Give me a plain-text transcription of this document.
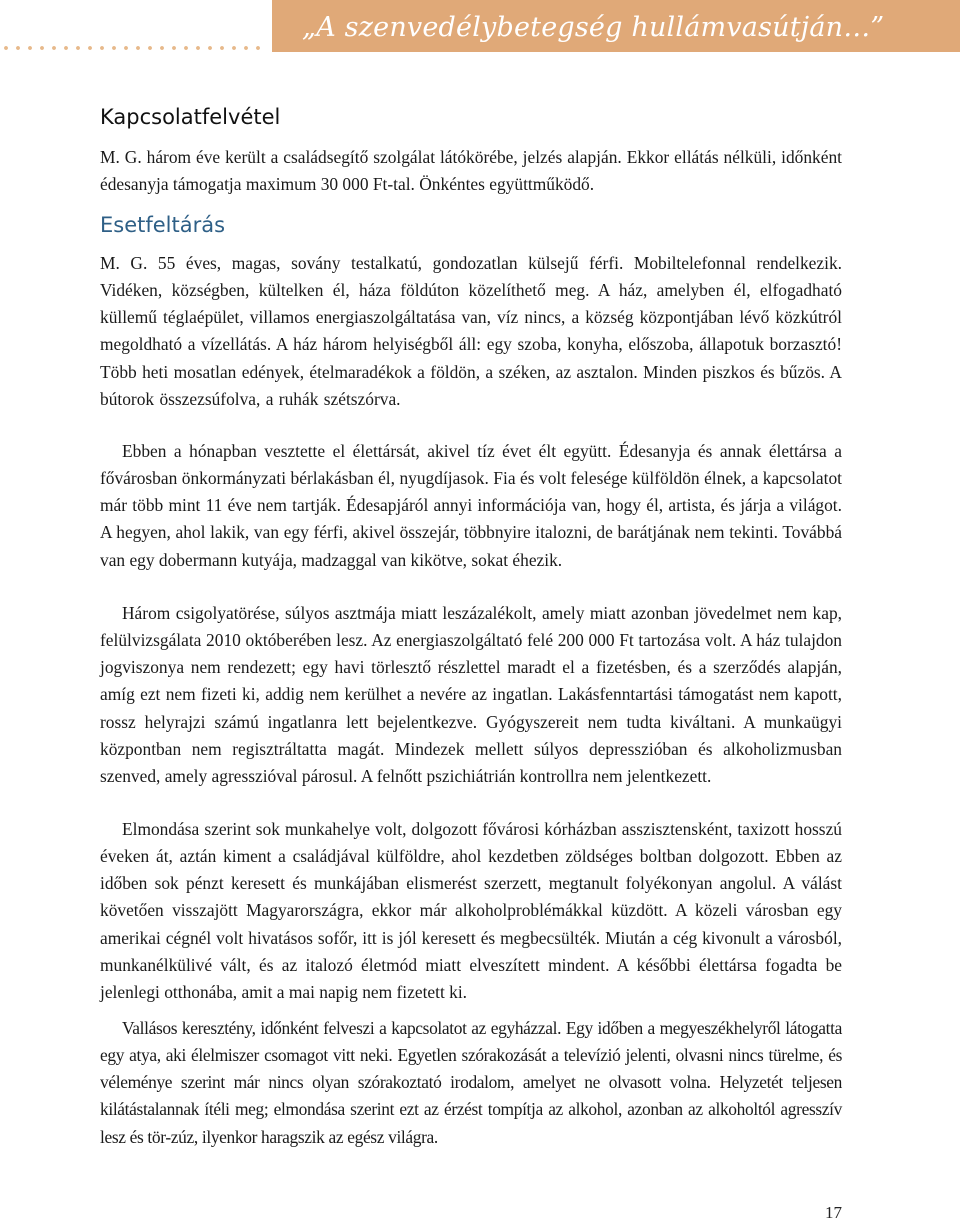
„A szenvedélybetegség hullámvasútján…”
Kapcsolatfelvétel

M. G. három éve került a családsegítő szolgálat látókörébe, jelzés alapján. Ekkor ellátás nélküli, időnként édesanyja támogatja maximum 30 000 Ft-tal. Önkéntes együttműködő.

Esetfeltárás

M. G. 55 éves, magas, sovány testalkatú, gondozatlan külsejű férfi. Mobiltelefonnal rendelkezik. Vidéken, községben, kültelken él, háza földúton közelíthető meg. A ház, amelyben él, elfogadható küllemű téglaépület, villamos energiaszolgáltatása van, víz nincs, a község központjában lévő közkútról megoldható a vízellátás. A ház három helyiségből áll: egy szoba, konyha, előszoba, állapotuk borzasztó! Több heti mosatlan edények, ételmaradékok a földön, a széken, az asztalon. Minden piszkos és bűzös. A bútorok összezsúfolva, a ruhák szétszórva.

Ebben a hónapban vesztette el élettársát, akivel tíz évet élt együtt. Édesanyja és annak élettársa a fővárosban önkormányzati bérlakásban él, nyugdíjasok. Fia és volt felesége külföldön élnek, a kapcsolatot már több mint 11 éve nem tartják. Édesapjáról annyi információja van, hogy él, artista, és járja a világot. A hegyen, ahol lakik, van egy férfi, akivel összejár, többnyire italozni, de barátjának nem tekinti. Továbbá van egy dobermann kutyája, madzaggal van kikötve, sokat éhezik.

Három csigolyatörése, súlyos asztmája miatt leszázalékolt, amely miatt azonban jövedelmet nem kap, felülvizsgálata 2010 októberében lesz. Az energiaszolgáltató felé 200 000 Ft tartozása volt. A ház tulajdon jogviszonya nem rendezett; egy havi törlesztő részlettel maradt el a fizetésben, és a szerződés alapján, amíg ezt nem fizeti ki, addig nem kerülhet a nevére az ingatlan. Lakásfenntartási támogatást nem kapott, rossz helyrajzi számú ingatlanra lett bejelentkezve. Gyógyszereit nem tudta kiváltani. A munkaügyi központban nem regisztráltatta magát. Mindezek mellett súlyos depresszióban és alkoholizmusban szenved, amely agresszióval párosul. A felnőtt pszichiátrián kontrollra nem jelentkezett.

Elmondása szerint sok munkahelye volt, dolgozott fővárosi kórházban asszisztensként, taxizott hosszú éveken át, aztán kiment a családjával külföldre, ahol kezdetben zöldséges boltban dolgozott. Ebben az időben sok pénzt keresett és munkájában elismerést szerzett, megtanult folyékonyan angolul. A válást követően visszajött Magyarországra, ekkor már alkoholproblémákkal küzdött. A közeli városban egy amerikai cégnél volt hivatásos sofőr, itt is jól keresett és megbecsülték. Miután a cég kivonult a városból, munkanélkülivé vált, és az italozó életmód miatt elveszített mindent. A későbbi élettársa fogadta be jelenlegi otthonába, amit a mai napig nem fizetett ki.

Vallásos keresztény, időnként felveszi a kapcsolatot az egyházzal. Egy időben a megyeszékhelyről látogatta egy atya, aki élelmiszer csomagot vitt neki. Egyetlen szórakozását a televízió jelenti, olvasni nincs türelme, és véleménye szerint már nincs olyan szórakoztató irodalom, amelyet ne olvasott volna. Helyzetét teljesen kilátástalannak ítéli meg; elmondása szerint ezt az érzést tompítja az alkohol, azonban az alkoholtól agresszív lesz és tör-zúz, ilyenkor haragszik az egész világra.

17
